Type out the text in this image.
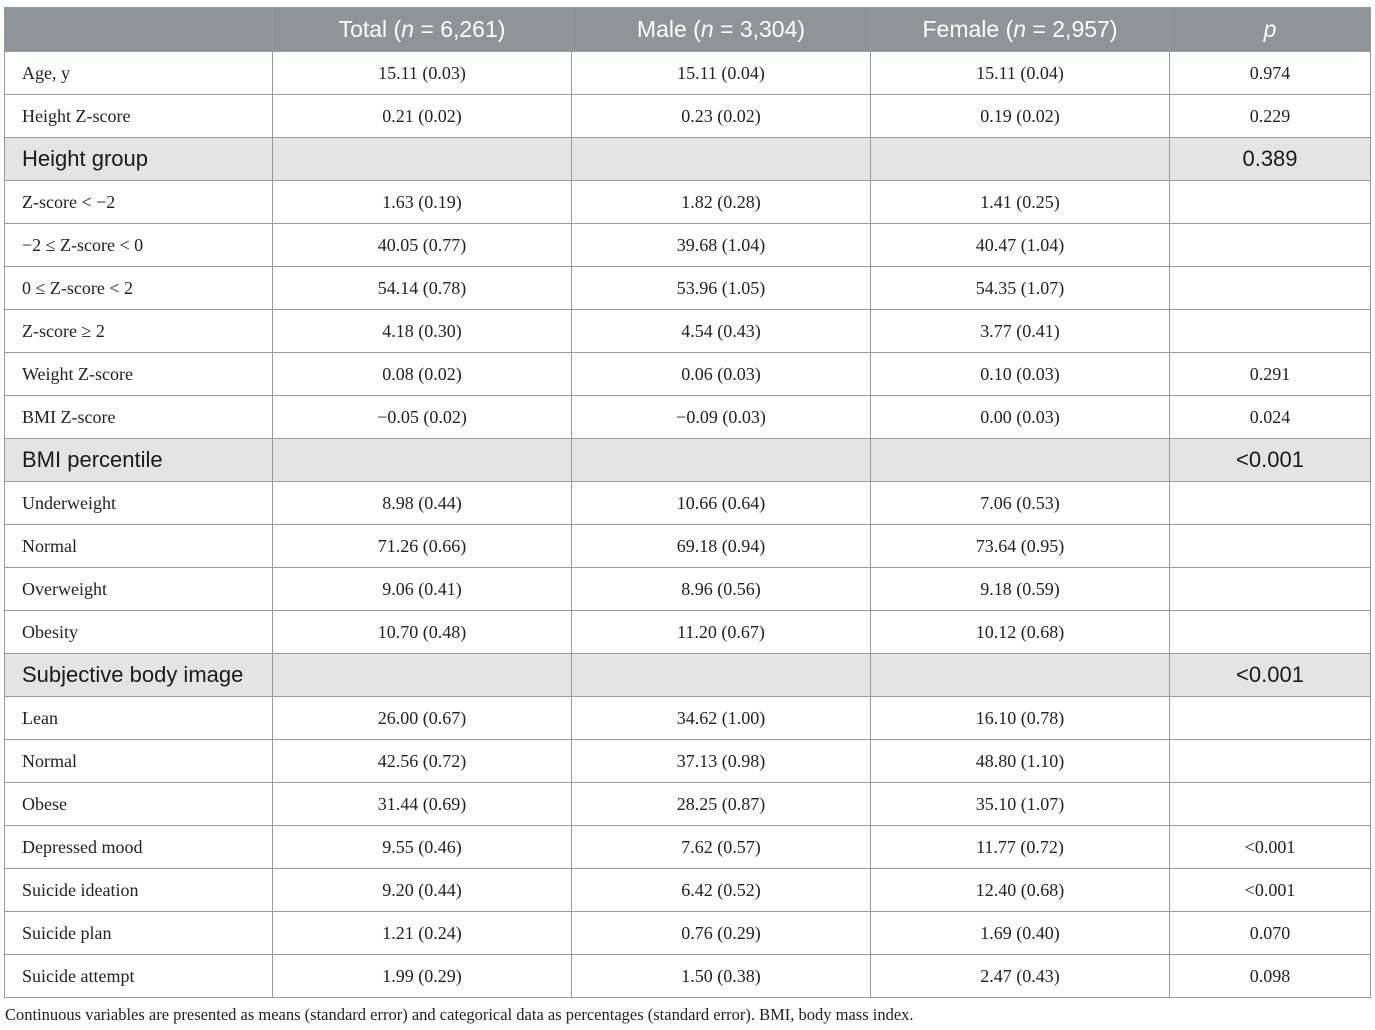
	Total (n = 6,261)	Male (n = 3,304)	Female (n = 2,957)	p
Age, y	15.11 (0.03)	15.11 (0.04)	15.11 (0.04)	0.974
Height Z-score	0.21 (0.02)	0.23 (0.02)	0.19 (0.02)	0.229
Height group				0.389
Z-score < −2	1.63 (0.19)	1.82 (0.28)	1.41 (0.25)	
−2 ≤ Z-score < 0	40.05 (0.77)	39.68 (1.04)	40.47 (1.04)	
0 ≤ Z-score < 2	54.14 (0.78)	53.96 (1.05)	54.35 (1.07)	
Z-score ≥ 2	4.18 (0.30)	4.54 (0.43)	3.77 (0.41)	
Weight Z-score	0.08 (0.02)	0.06 (0.03)	0.10 (0.03)	0.291
BMI Z-score	−0.05 (0.02)	−0.09 (0.03)	0.00 (0.03)	0.024
BMI percentile				<0.001
Underweight	8.98 (0.44)	10.66 (0.64)	7.06 (0.53)	
Normal	71.26 (0.66)	69.18 (0.94)	73.64 (0.95)	
Overweight	9.06 (0.41)	8.96 (0.56)	9.18 (0.59)	
Obesity	10.70 (0.48)	11.20 (0.67)	10.12 (0.68)	
Subjective body image				<0.001
Lean	26.00 (0.67)	34.62 (1.00)	16.10 (0.78)	
Normal	42.56 (0.72)	37.13 (0.98)	48.80 (1.10)	
Obese	31.44 (0.69)	28.25 (0.87)	35.10 (1.07)	
Depressed mood	9.55 (0.46)	7.62 (0.57)	11.77 (0.72)	<0.001
Suicide ideation	9.20 (0.44)	6.42 (0.52)	12.40 (0.68)	<0.001
Suicide plan	1.21 (0.24)	0.76 (0.29)	1.69 (0.40)	0.070
Suicide attempt	1.99 (0.29)	1.50 (0.38)	2.47 (0.43)	0.098
Continuous variables are presented as means (standard error) and categorical data as percentages (standard error). BMI, body mass index.
